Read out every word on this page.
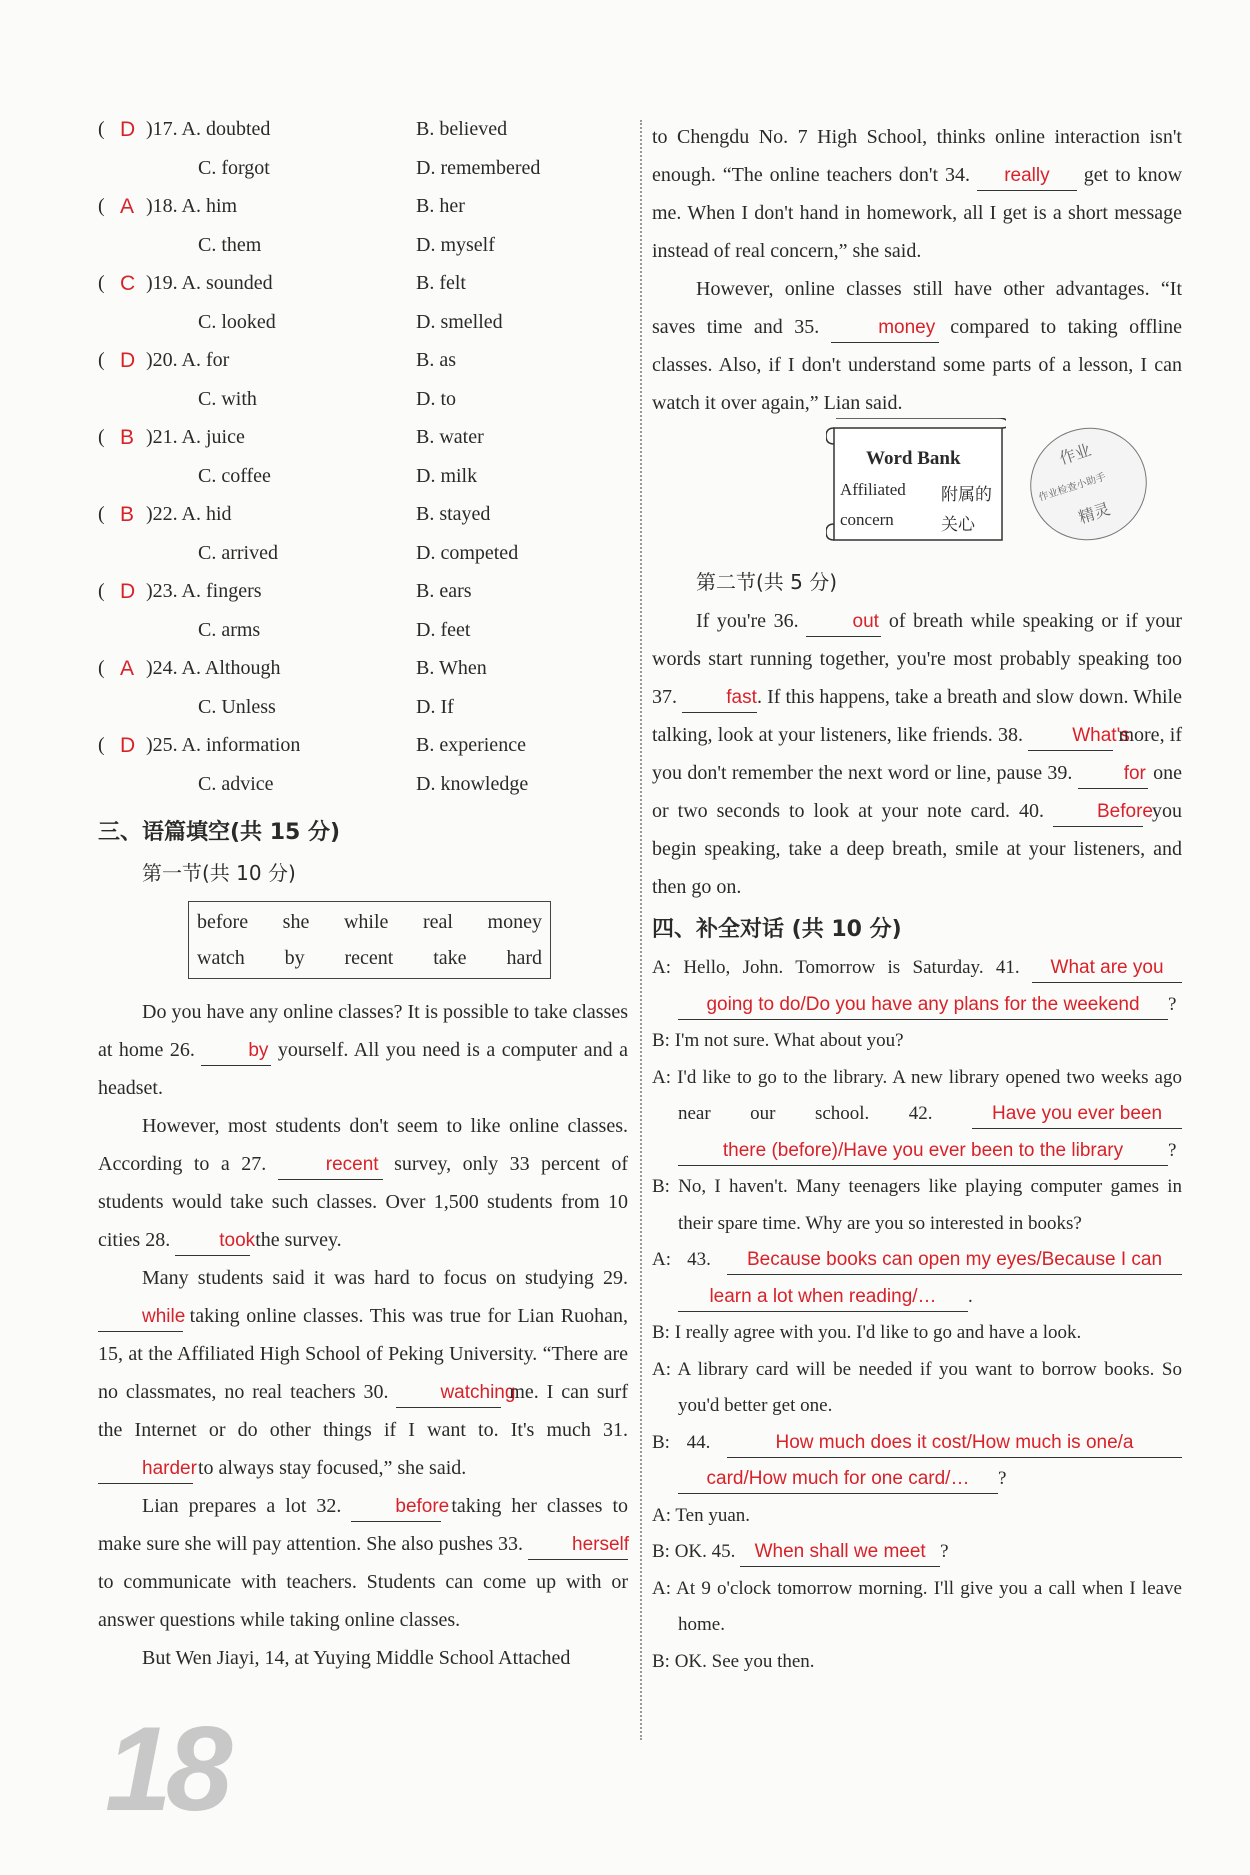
( D )17. A. doubted	B. believed
C. forgot	D. remembered
( A )18. A. him	B. her
C. them	D. myself
( C )19. A. sounded	B. felt
C. looked	D. smelled
( D )20. A. for	B. as
C. with	D. to
( B )21. A. juice	B. water
C. coffee	D. milk
( B )22. A. hid	B. stayed
C. arrived	D. competed
( D )23. A. fingers	B. ears
C. arms	D. feet
( A )24. A. Although	B. When
C. Unless	D. If
( D )25. A. information	B. experience
C. advice	D. knowledge
三、语篇填空(共 15 分)
第一节(共 10 分)
before she while real money
watch by recent take hard

Do you have any online classes? It is possible to take classes at home 26.	by yourself. All you need is a computer and a headset.

However, most students don't seem to like online classes. According to a 27.	recent survey, only 33 percent of students would take such classes. Over 1,500 students from 10 cities 28.	took the survey.

Many students said it was hard to focus on studying 29. while taking online classes. This was true for Lian Ruohan, 15, at the Affiliated High School of Peking University. “There are no classmates, no real teachers 30.	watching me. I can surf the Internet or do other things if I want to. It's much 31. harder to always stay focused,” she said.

Lian prepares a lot 32.	before taking her classes to make sure she will pay attention. She also pushes 33.	herself to communicate with teachers. Students can come up with or answer questions while taking online classes.

But Wen Jiayi, 14, at Yuying Middle School Attached

18

to Chengdu No. 7 High School, thinks online interaction isn't enough. “The online teachers don't 34. really get to know me. When I don't hand in homework, all I get is a short message instead of real concern,” she said.

However, online classes still have other advantages. “It saves time and 35.	money compared to taking offline classes. Also, if I don't understand some parts of a lesson, I can watch it over again,” Lian said.

第二节(共 5 分)

If you're 36.	out of breath while speaking or if your words start running together, you're most probably speaking too 37.	fast. If this happens, take a breath and slow down. While talking, look at your listeners, like friends. 38.	What's more, if you don't remember the next word or line, pause 39.	for one or two seconds to look at your note card. 40.	Before you begin speaking, take a deep breath, smile at your listeners, and then go on.

四、补全对话 (共 10 分)

A: Hello, John. Tomorrow is Saturday. 41. What are you going to do/Do you have any plans for the weekend ?

B: I'm not sure. What about you?

A: I'd like to go to the library. A new library opened two weeks ago near our school. 42.	Have you ever been there (before)/Have you ever been to the library ?

B: No, I haven't. Many teenagers like playing computer games in their spare time. Why are you so interested in books?

A: 43. Because books can open my eyes/Because I can learn a lot when reading/… .

B: I really agree with you. I'd like to go and have a look.

A: A library card will be needed if you want to borrow books. So you'd better get one.

B: 44.	How much does it cost/How much is one/a card/How much for one card/… ?

A: Ten yuan.

B: OK. 45. When shall we meet ?

A: At 9 o'clock tomorrow morning. I'll give you a call when I leave home.

B: OK. See you then.

Word Bank
Affiliated 附属的
concern	关心
作业
作业检查小助手
精灵
